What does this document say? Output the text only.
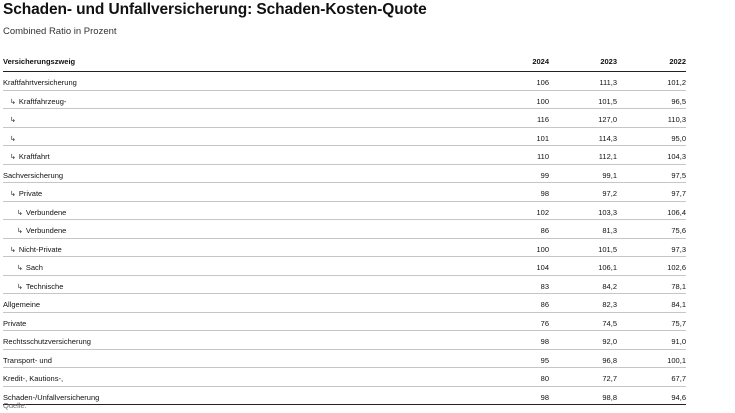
Schaden- und Unfallversicherung: Schaden-Kosten-Quote
Combined Ratio in Prozent
Versicherungszweig	2024	2023	2022
Kraftfahrtversicherung	106	111,3	101,2
↳ Kraftfahrzeug-	100	101,5	96,5
↳	116	127,0	110,3
↳	101	114,3	95,0
↳ Kraftfahrt	110	112,1	104,3
Sachversicherung	99	99,1	97,5
↳ Private	98	97,2	97,7
↳ Verbundene	102	103,3	106,4
↳ Verbundene	86	81,3	75,6
↳ Nicht-Private	100	101,5	97,3
↳ Sach	104	106,1	102,6
↳ Technische	83	84,2	78,1
Allgemeine	86	82,3	84,1
Private	76	74,5	75,7
Rechtsschutzversicherung	98	92,0	91,0
Transport- und	95	96,8	100,1
Kredit-, Kautions-,	80	72,7	67,7
Schaden-/Unfallversicherung	98	98,8	94,6
Quelle:
